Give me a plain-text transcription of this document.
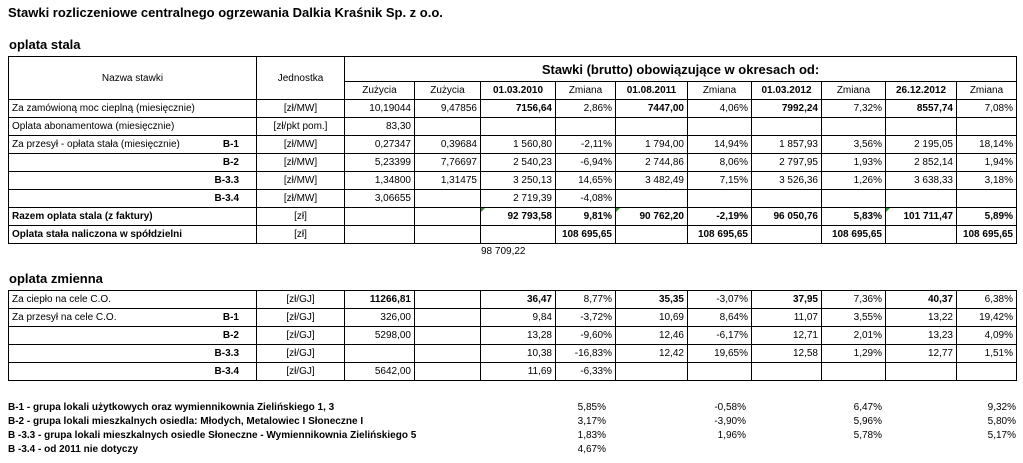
Stawki rozliczeniowe centralnego ogrzewania Dalkia Kraśnik Sp. z o.o.
oplata stala
Nazwa stawki	Jednostka	Stawki (brutto) obowiązujące w okresach od:									
		Zużycia	Zużycia	01.03.2010	Zmiana	01.08.2011	Zmiana	01.03.2012	Zmiana	26.12.2012	Zmiana
Za zamówioną moc cieplną (miesięcznie)	[zł/MW]	10,19044	9,47856	7156,64	2,86%	7447,00	4,06%	7992,24	7,32%	8557,74	7,08%
Oplata abonamentowa (miesięcznie)	[zł/pkt pom.]	83,30									

Za przesył - opłata stała (miesięcznie) B-1	[zł/MW]	0,27347	0,39684	1 560,80	-2,11%	1 794,00	14,94%	1 857,93	3,56%	2 195,05	18,14%
B-2	[zł/MW]	5,23399	7,76697	2 540,23	-6,94%	2 744,86	8,06%	2 797,95	1,93%	2 852,14	1,94%
B-3.3	[zł/MW]	1,34800	1,31475	3 250,13	14,65%	3 482,49	7,15%	3 526,36	1,26%	3 638,33	3,18%
B-3.4	[zł/MW]	3,06655		2 719,39	-4,08%						
Razem oplata stala (z faktury)	[zł]			92 793,58	9,81%	90 762,20	-2,19%	96 050,76	5,83%	101 711,47	5,89%
Oplata stała naliczona w spółdzielni	[zł]				108 695,65		108 695,65		108 695,65		108 695,65
98 709,22
oplata zmienna
Za ciepło na cele C.O.	[zł/GJ]	11266,81		36,47	8,77%	35,35	-3,07%	37,95	7,36%	40,37	6,38%

Za przesył na cele C.O. B-1	[zł/GJ]	326,00		9,84	-3,72%	10,69	8,64%	11,07	3,55%	13,22	19,42%
B-2	[zł/GJ]	5298,00		13,28	-9,60%	12,46	-6,17%	12,71	2,01%	13,23	4,09%
B-3.3	[zł/GJ]			10,38	-16,83%	12,42	19,65%	12,58	1,29%	12,77	1,51%
B-3.4	[zł/GJ]	5642,00		11,69	-6,33%						
B-1 - grupa lokali użytkowych oraz wymiennikownia Zielińskiego 1, 3	5,85%	-0,58%	6,47%	9,32%
B-2 - grupa lokali mieszkalnych osiedla: Młodych, Metalowiec I Słoneczne I	3,17%	-3,90%	5,96%	5,80%
B -3.3 - grupa lokali mieszkalnych osiedle Słoneczne - Wymiennikownia Zielińskiego 5	1,83%	1,96%	5,78%	5,17%
B -3.4 - od 2011 nie dotyczy	4,67%			
